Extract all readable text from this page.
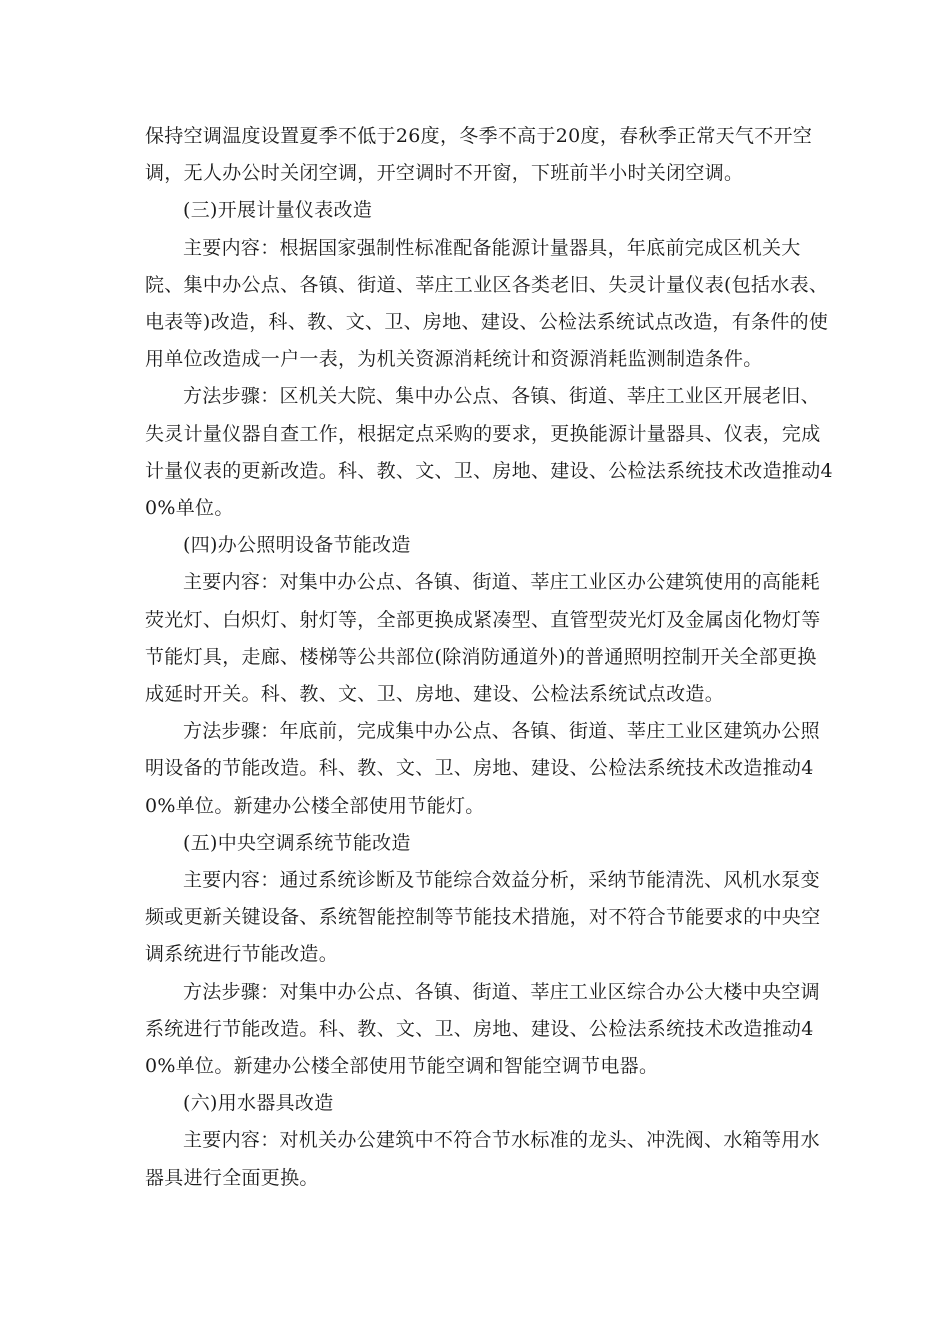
保持空调温度设置夏季不低于26度，冬季不高于20度，春秋季正常天气不开空调，无人办公时关闭空调，开空调时不开窗，下班前半小时关闭空调。

(三)开展计量仪表改造

主要内容：根据国家强制性标准配备能源计量器具，年底前完成区机关大院、集中办公点、各镇、街道、莘庄工业区各类老旧、失灵计量仪表(包括水表、电表等)改造，科、教、文、卫、房地、建设、公检法系统试点改造，有条件的使用单位改造成一户一表，为机关资源消耗统计和资源消耗监测制造条件。

方法步骤：区机关大院、集中办公点、各镇、街道、莘庄工业区开展老旧、失灵计量仪器自查工作，根据定点采购的要求，更换能源计量器具、仪表，完成计量仪表的更新改造。科、教、文、卫、房地、建设、公检法系统技术改造推动40%单位。

(四)办公照明设备节能改造

主要内容：对集中办公点、各镇、街道、莘庄工业区办公建筑使用的高能耗荧光灯、白炽灯、射灯等，全部更换成紧凑型、直管型荧光灯及金属卤化物灯等节能灯具，走廊、楼梯等公共部位(除消防通道外)的普通照明控制开关全部更换成延时开关。科、教、文、卫、房地、建设、公检法系统试点改造。

方法步骤：年底前，完成集中办公点、各镇、街道、莘庄工业区建筑办公照明设备的节能改造。科、教、文、卫、房地、建设、公检法系统技术改造推动40%单位。新建办公楼全部使用节能灯。

(五)中央空调系统节能改造

主要内容：通过系统诊断及节能综合效益分析，采纳节能清洗、风机水泵变频或更新关键设备、系统智能控制等节能技术措施，对不符合节能要求的中央空调系统进行节能改造。

方法步骤：对集中办公点、各镇、街道、莘庄工业区综合办公大楼中央空调系统进行节能改造。科、教、文、卫、房地、建设、公检法系统技术改造推动40%单位。新建办公楼全部使用节能空调和智能空调节电器。

(六)用水器具改造

主要内容：对机关办公建筑中不符合节水标准的龙头、冲洗阀、水箱等用水器具进行全面更换。
